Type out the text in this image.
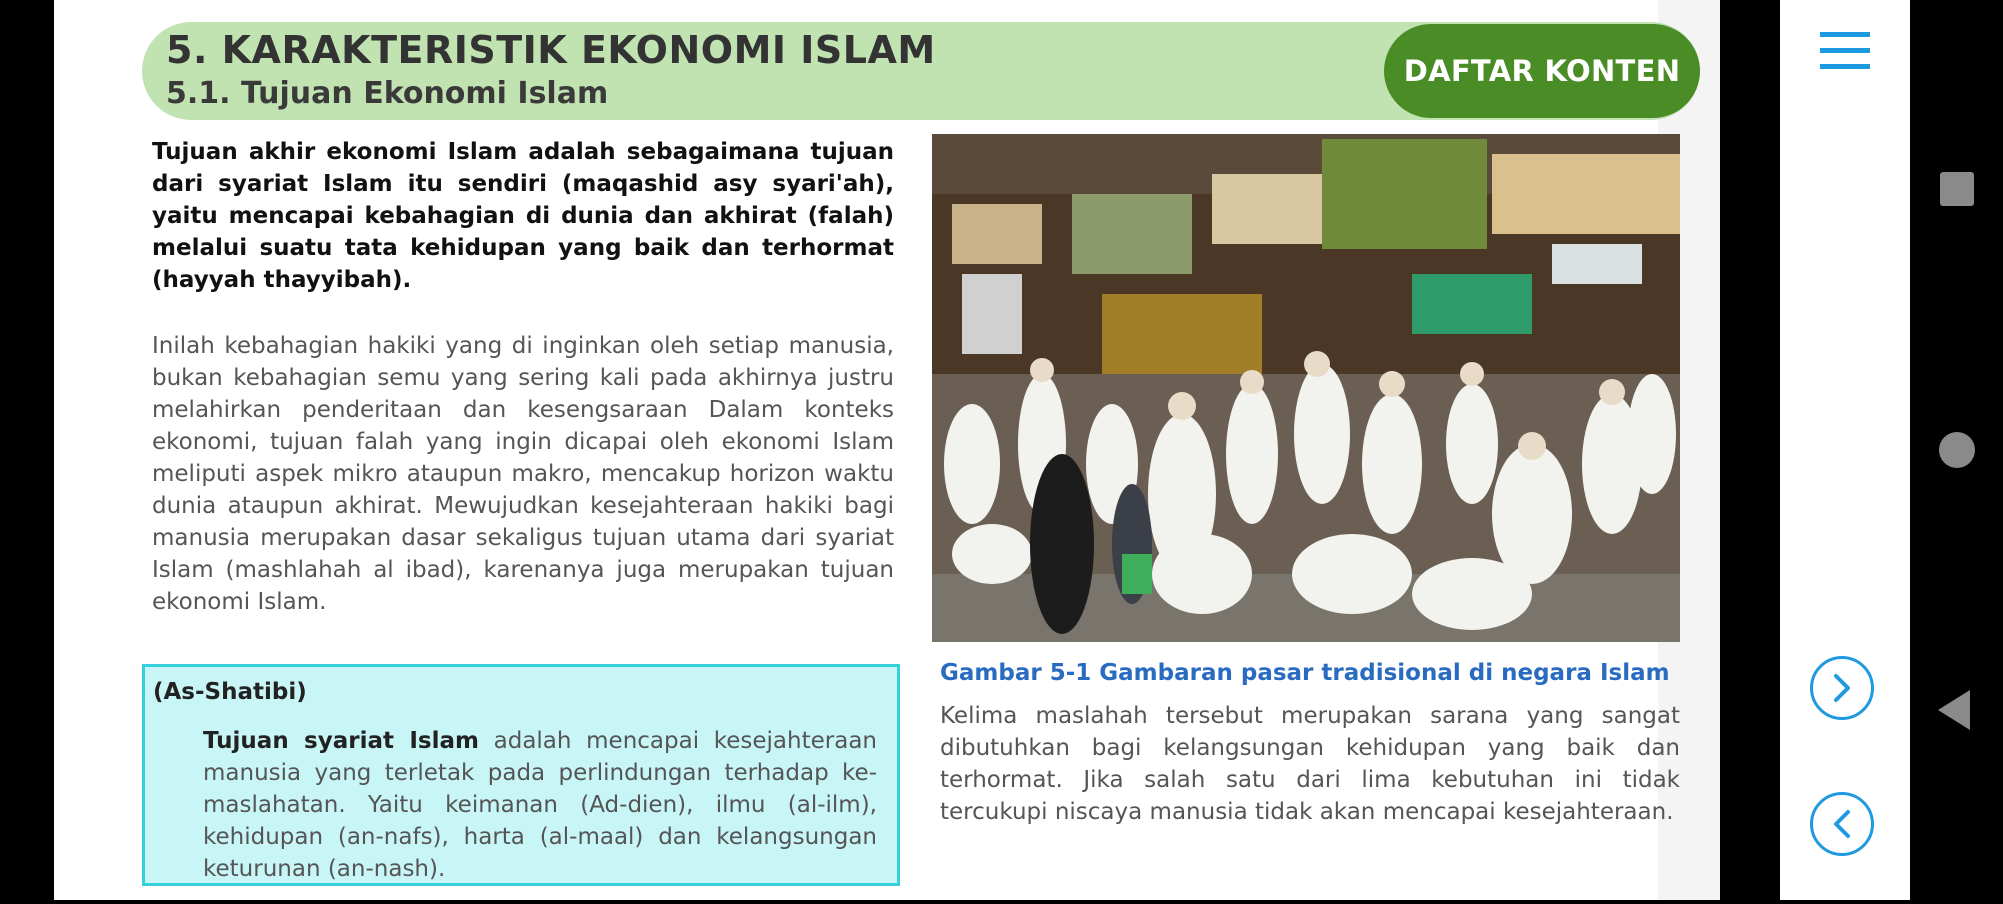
5. KARAKTERISTIK EKONOMI ISLAM
5.1. Tujuan Ekonomi Islam
DAFTAR KONTEN

Tujuan akhir ekonomi Islam adalah sebagaimana tujuan dari syariat Islam itu sendiri (maqashid asy syari'ah), yaitu mencapai kebahagian di dunia dan akhirat (falah) melalui suatu tata kehidupan yang baik dan terhormat (hayyah thayyibah).

Inilah kebahagian hakiki yang di inginkan oleh setiap manusia, bukan kebahagian semu yang sering kali pada akhirnya justru melahirkan penderitaan dan kesengsaraan Dalam konteks ekonomi, tujuan falah yang ingin dicapai oleh ekonomi Islam meliputi aspek mikro ataupun makro, mencakup horizon waktu dunia ataupun akhirat. Mewujudkan kesejahteraan hakiki bagi manusia merupakan dasar sekaligus tujuan utama dari syariat Islam (mashlahah al ibad), karenanya juga merupakan tujuan ekonomi Islam.

(As-Shatibi)

Tujuan syariat Islam adalah mencapai kesejahteraan manusia yang terletak pada perlindungan terhadap ke-maslahatan. Yaitu keimanan (Ad-dien), ilmu (al-ilm), kehidupan (an-nafs), harta (al-maal) dan kelangsungan keturunan (an-nash).

Gambar 5-1 Gambaran pasar tradisional di negara Islam

Kelima maslahah tersebut merupakan sarana yang sangat dibutuhkan bagi kelangsungan kehidupan yang baik dan terhormat. Jika salah satu dari lima kebutuhan ini tidak tercukupi niscaya manusia tidak akan mencapai kesejahteraan.
